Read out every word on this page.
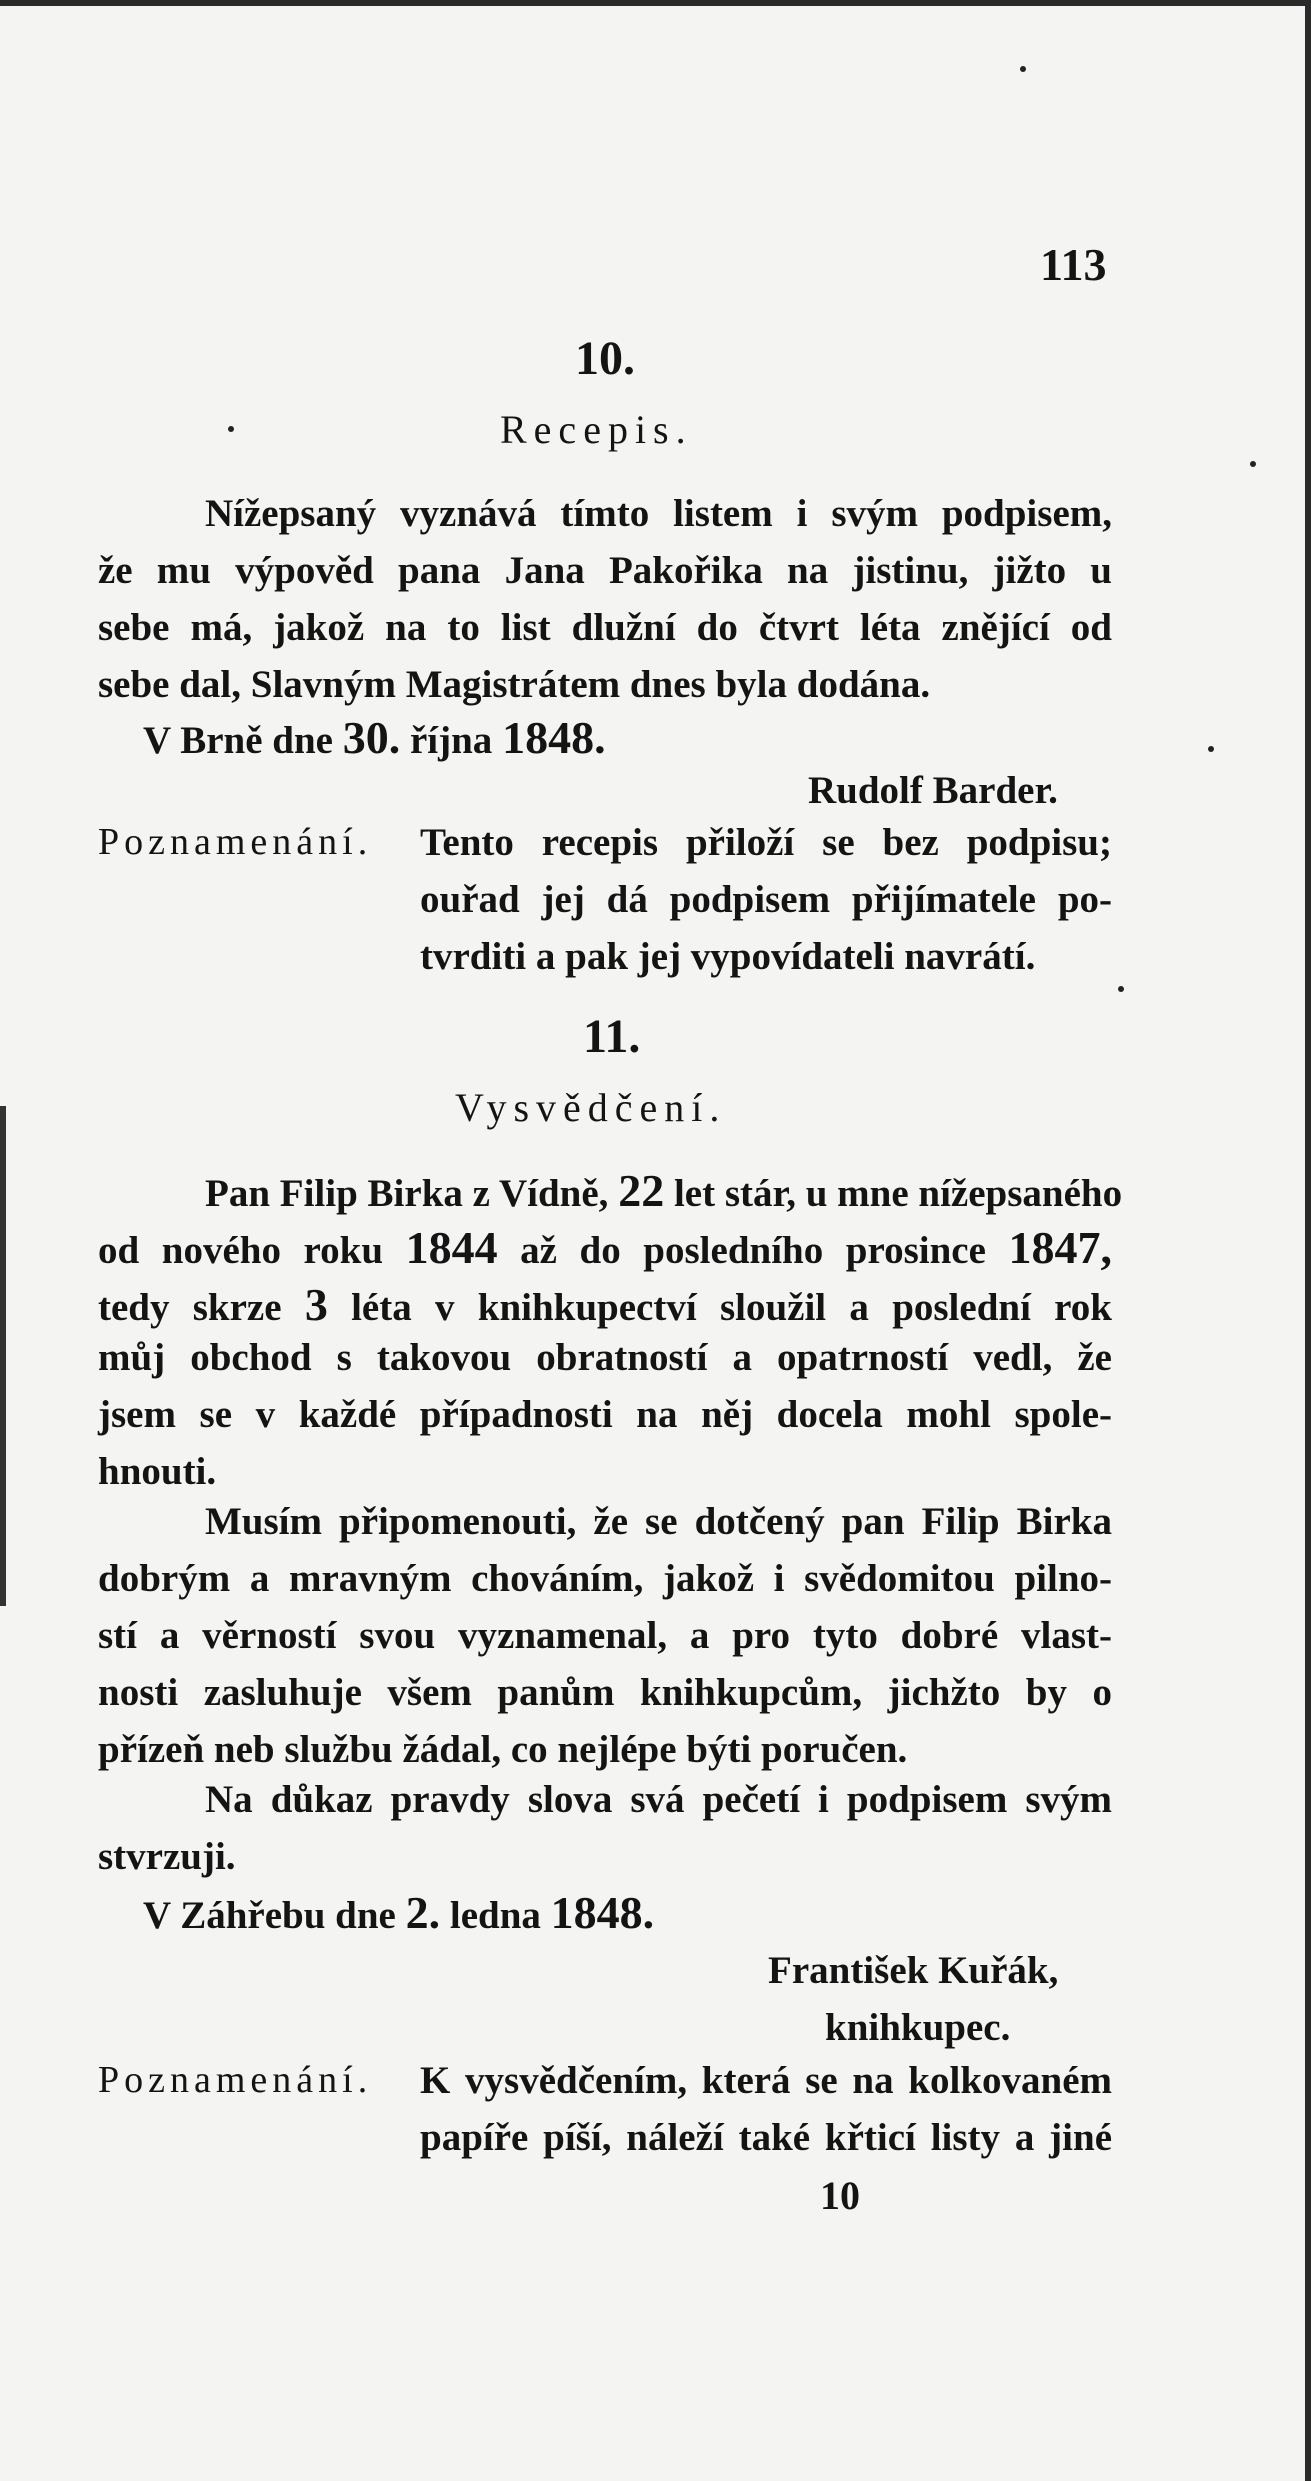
113
10.
Recepis.
Nížepsaný vyznává tímto listem i svým podpisem,
že mu výpověd pana Jana Pakořika na jistinu, jižto u
sebe má, jakož na to list dlužní do čtvrt léta znějící od
sebe dal, Slavným Magistrátem dnes byla dodána.
V Brně dne 30. října 1848.
Rudolf Barder.
Poznamenání. Tento recepis přiloží se bez podpisu;
ouřad jej dá podpisem přijímatele po-
tvrditi a pak jej vypovídateli navrátí.
11.
Vysvědčení.
Pan Filip Birka z Vídně, 22 let stár, u mne nížepsaného
od nového roku 1844 až do posledního prosince 1847,
tedy skrze 3 léta v knihkupectví sloužil a poslední rok
můj obchod s takovou obratností a opatrností vedl, že
jsem se v každé případnosti na něj docela mohl spole-
hnouti.
Musím připomenouti, že se dotčený pan Filip Birka
dobrým a mravným chováním, jakož i svědomitou pilno-
stí a věrností svou vyznamenal, a pro tyto dobré vlast-
nosti zasluhuje všem panům knihkupcům, jichžto by o
přízeň neb službu žádal, co nejlépe býti poručen.
Na důkaz pravdy slova svá pečetí i podpisem svým
stvrzuji.
V Záhřebu dne 2. ledna 1848.
František Kuřák,
knihkupec.
Poznamenání. K vysvědčením, která se na kolkovaném
papíře píší, náleží také křticí listy a jiné
10
